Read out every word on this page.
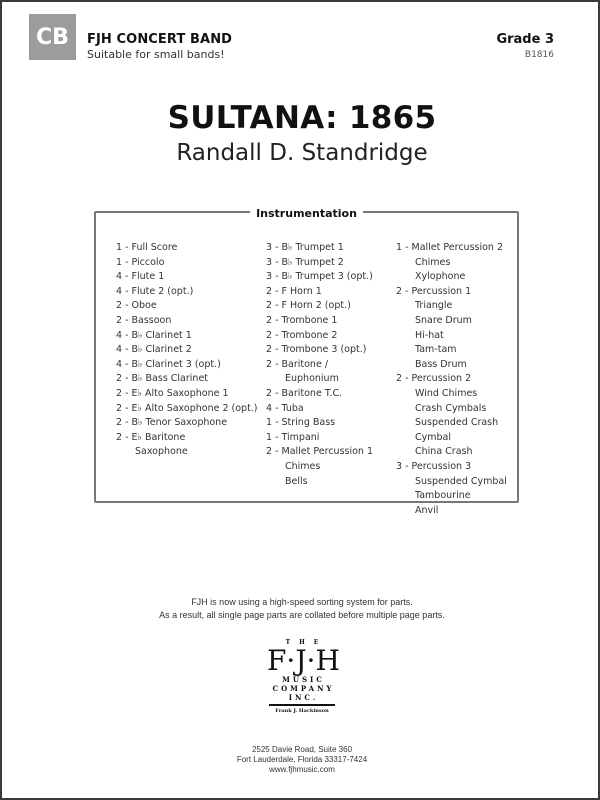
CB FJH CONCERT BAND
Suitable for small bands!
Grade 3
B1816
SULTANA: 1865
Randall D. Standridge
Instrumentation
1 - Full Score
1 - Piccolo
4 - Flute 1
4 - Flute 2 (opt.)
2 - Oboe
2 - Bassoon
4 - B♭ Clarinet 1
4 - B♭ Clarinet 2
4 - B♭ Clarinet 3 (opt.)
2 - B♭ Bass Clarinet
2 - E♭ Alto Saxophone 1
2 - E♭ Alto Saxophone 2 (opt.)
2 - B♭ Tenor Saxophone
2 - E♭ Baritone
Saxophone
3 - B♭ Trumpet 1
3 - B♭ Trumpet 2
3 - B♭ Trumpet 3 (opt.)
2 - F Horn 1
2 - F Horn 2 (opt.)
2 - Trombone 1
2 - Trombone 2
2 - Trombone 3 (opt.)
2 - Baritone /
Euphonium
2 - Baritone T.C.
4 - Tuba
1 - String Bass
1 - Timpani
2 - Mallet Percussion 1
Chimes
Bells
1 - Mallet Percussion 2
Chimes
Xylophone
2 - Percussion 1
Triangle
Snare Drum
Hi-hat
Tam-tam
Bass Drum
2 - Percussion 2
Wind Chimes
Crash Cymbals
Suspended Crash
Cymbal
China Crash
3 - Percussion 3
Suspended Cymbal
Tambourine
Anvil
FJH is now using a high-speed sorting system for parts.
As a result, all single page parts are collated before multiple page parts.
THE
F·J·H
MUSIC
COMPANY
INC.
Frank J. Hackinson
2525 Davie Road, Suite 360
Fort Lauderdale, Florida 33317-7424
www.fjhmusic.com
